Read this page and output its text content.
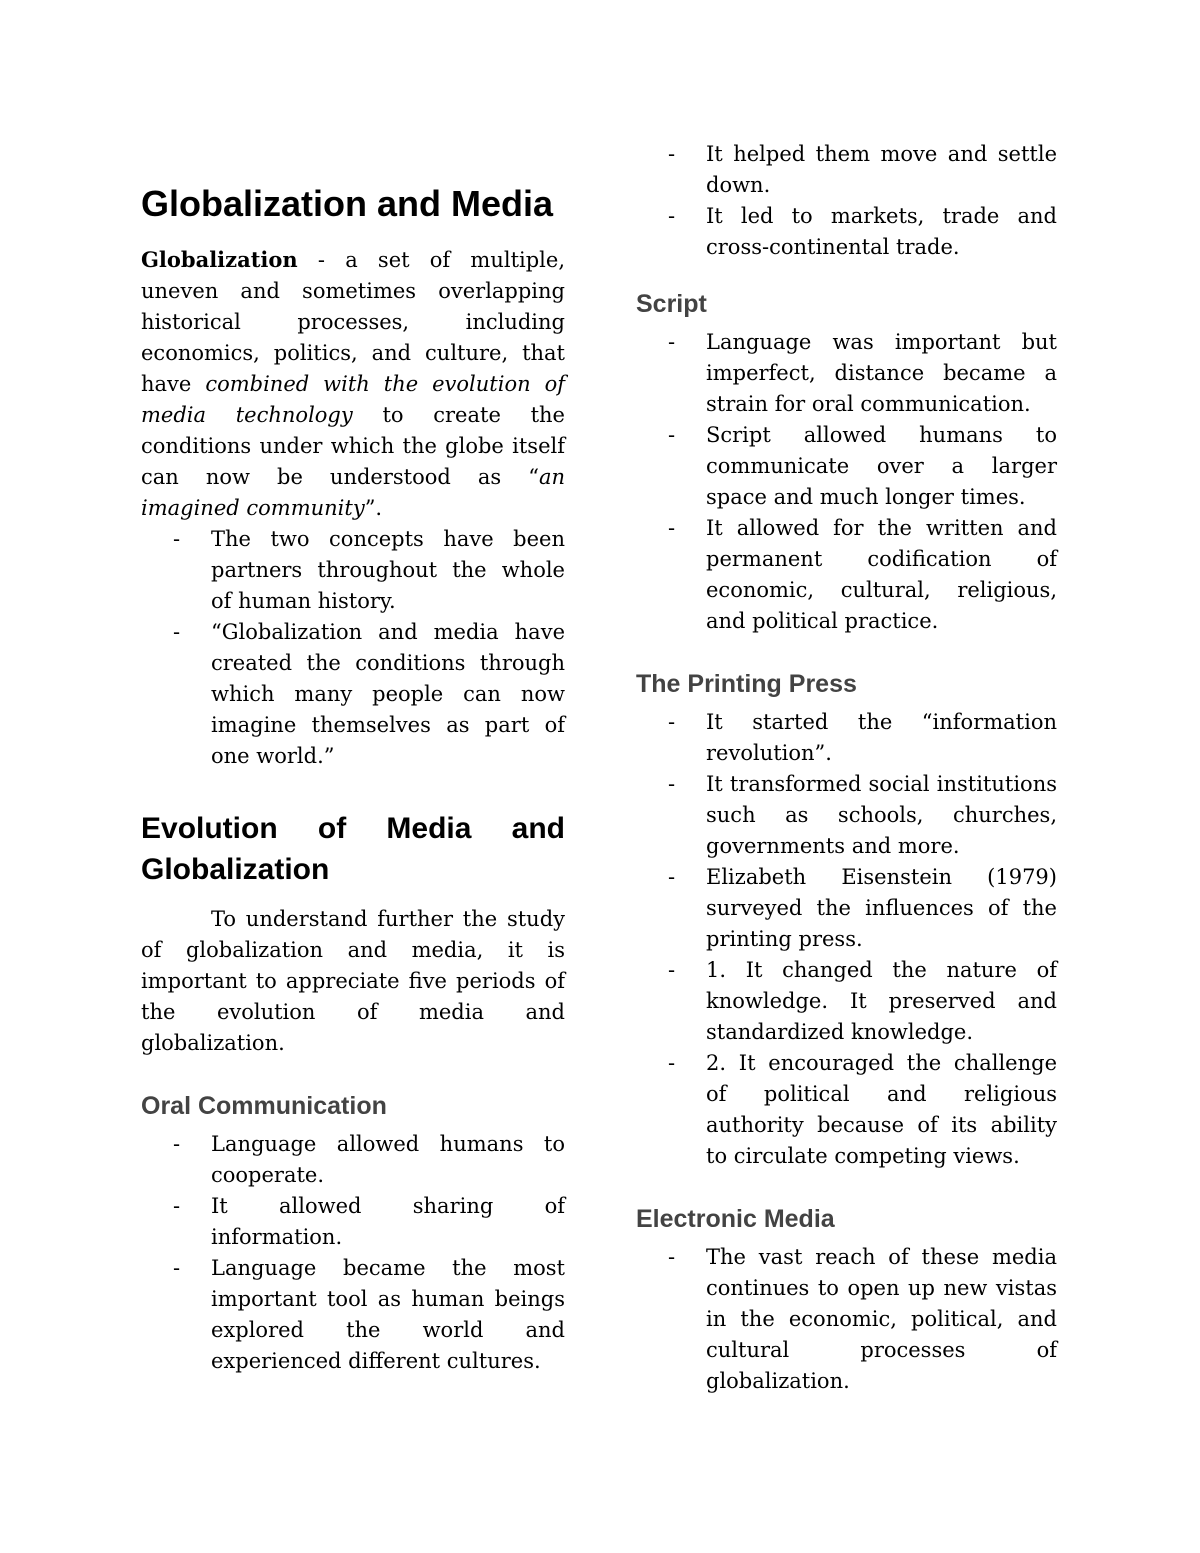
Globalization and Media

Globalization - a set of multiple, uneven and sometimes overlapping historical processes, including economics, politics, and culture, that have combined with the evolution of media technology to create the conditions under which the globe itself can now be understood as “an imagined community”.

- The two concepts have been partners throughout the whole of human history.
- “Globalization and media have created the conditions through which many people can now imagine themselves as part of one world.”
Evolution of Media and
Globalization

To understand further the study of globalization and media, it is important to appreciate five periods of the evolution of media and globalization.

Oral Communication
- Language allowed humans to cooperate.
- It allowed sharing of information.
- Language became the most important tool as human beings explored the world and experienced different cultures.
- It helped them move and settle down.
- It led to markets, trade and cross-continental trade.
Script
- Language was important but imperfect, distance became a strain for oral communication.
- Script allowed humans to communicate over a larger space and much longer times.
- It allowed for the written and permanent codification of economic, cultural, religious, and political practice.
The Printing Press
- It started the “information revolution”.
- It transformed social institutions such as schools, churches, governments and more.
- Elizabeth Eisenstein (1979) surveyed the influences of the printing press.
- 1. It changed the nature of knowledge. It preserved and standardized knowledge.
- 2. It encouraged the challenge of political and religious authority because of its ability to circulate competing views.
Electronic Media
- The vast reach of these media continues to open up new vistas in the economic, political, and cultural processes of globalization.
